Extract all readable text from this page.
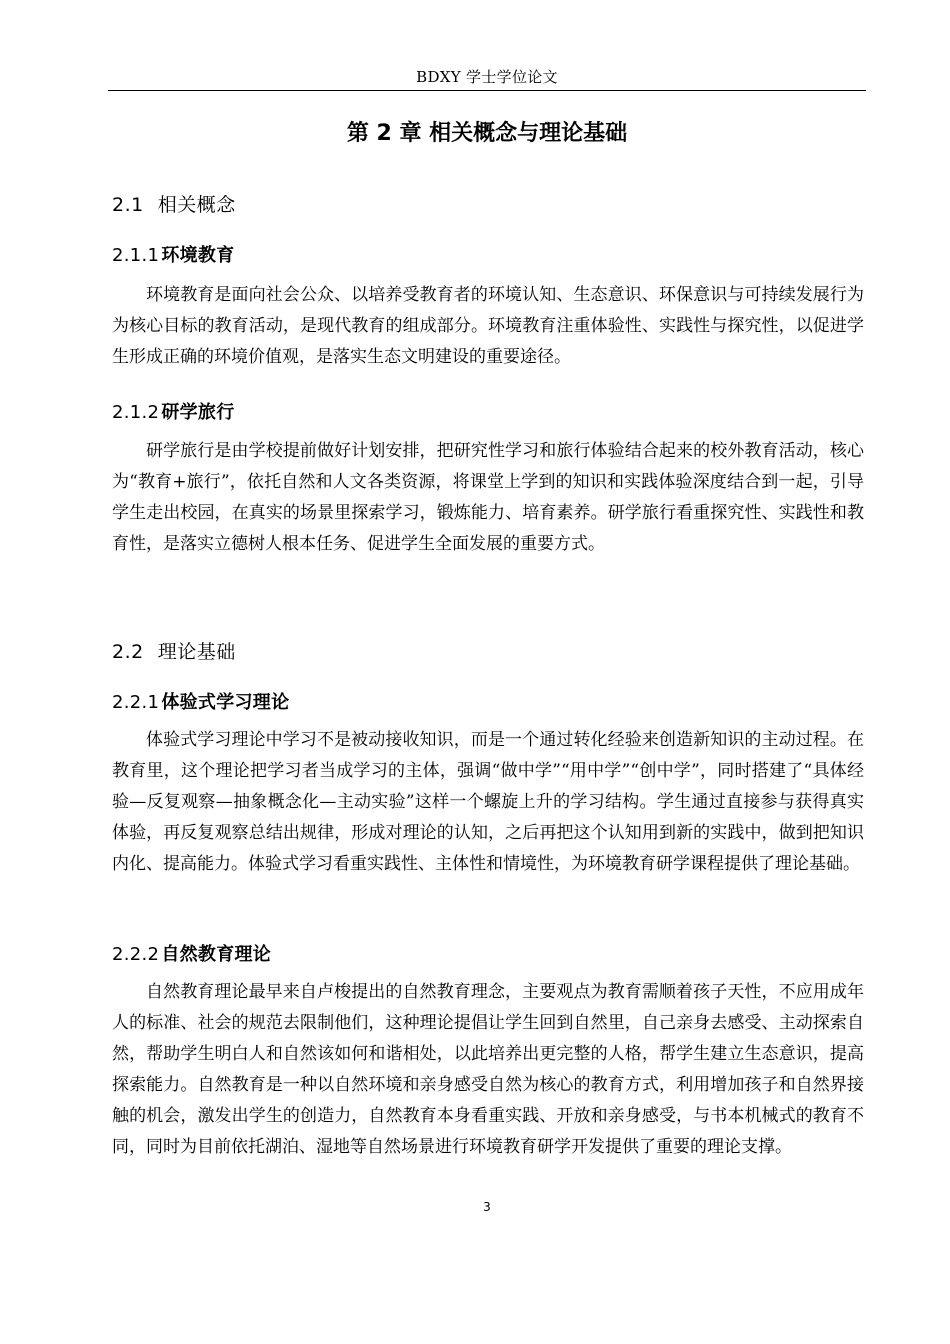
BDXY 学士学位论文
第 2 章 相关概念与理论基础
2.1 相关概念
2.1.1 环境教育

环境教育是面向社会公众、以培养受教育者的环境认知、生态意识、环保意识与可持续发展行为为核心目标的教育活动，是现代教育的组成部分。环境教育注重体验性、实践性与探究性，以促进学生形成正确的环境价值观，是落实生态文明建设的重要途径。

2.1.2 研学旅行

研学旅行是由学校提前做好计划安排，把研究性学习和旅行体验结合起来的校外教育活动，核心为“教育+旅行”，依托自然和人文各类资源，将课堂上学到的知识和实践体验深度结合到一起，引导学生走出校园，在真实的场景里探索学习，锻炼能力、培育素养。研学旅行看重探究性、实践性和教育性，是落实立德树人根本任务、促进学生全面发展的重要方式。

2.2 理论基础
2.2.1 体验式学习理论

体验式学习理论中学习不是被动接收知识，而是一个通过转化经验来创造新知识的主动过程。在教育里，这个理论把学习者当成学习的主体，强调“做中学”“用中学”“创中学”，同时搭建了“具体经验—反复观察—抽象概念化—主动实验”这样一个螺旋上升的学习结构。学生通过直接参与获得真实体验，再反复观察总结出规律，形成对理论的认知，之后再把这个认知用到新的实践中，做到把知识内化、提高能力。体验式学习看重实践性、主体性和情境性，为环境教育研学课程提供了理论基础。

2.2.2 自然教育理论

自然教育理论最早来自卢梭提出的自然教育理念，主要观点为教育需顺着孩子天性，不应用成年人的标准、社会的规范去限制他们，这种理论提倡让学生回到自然里，自己亲身去感受、主动探索自然，帮助学生明白人和自然该如何和谐相处，以此培养出更完整的人格，帮学生建立生态意识，提高探索能力。自然教育是一种以自然环境和亲身感受自然为核心的教育方式，利用增加孩子和自然界接触的机会，激发出学生的创造力，自然教育本身看重实践、开放和亲身感受，与书本机械式的教育不同，同时为目前依托湖泊、湿地等自然场景进行环境教育研学开发提供了重要的理论支撑。

3
